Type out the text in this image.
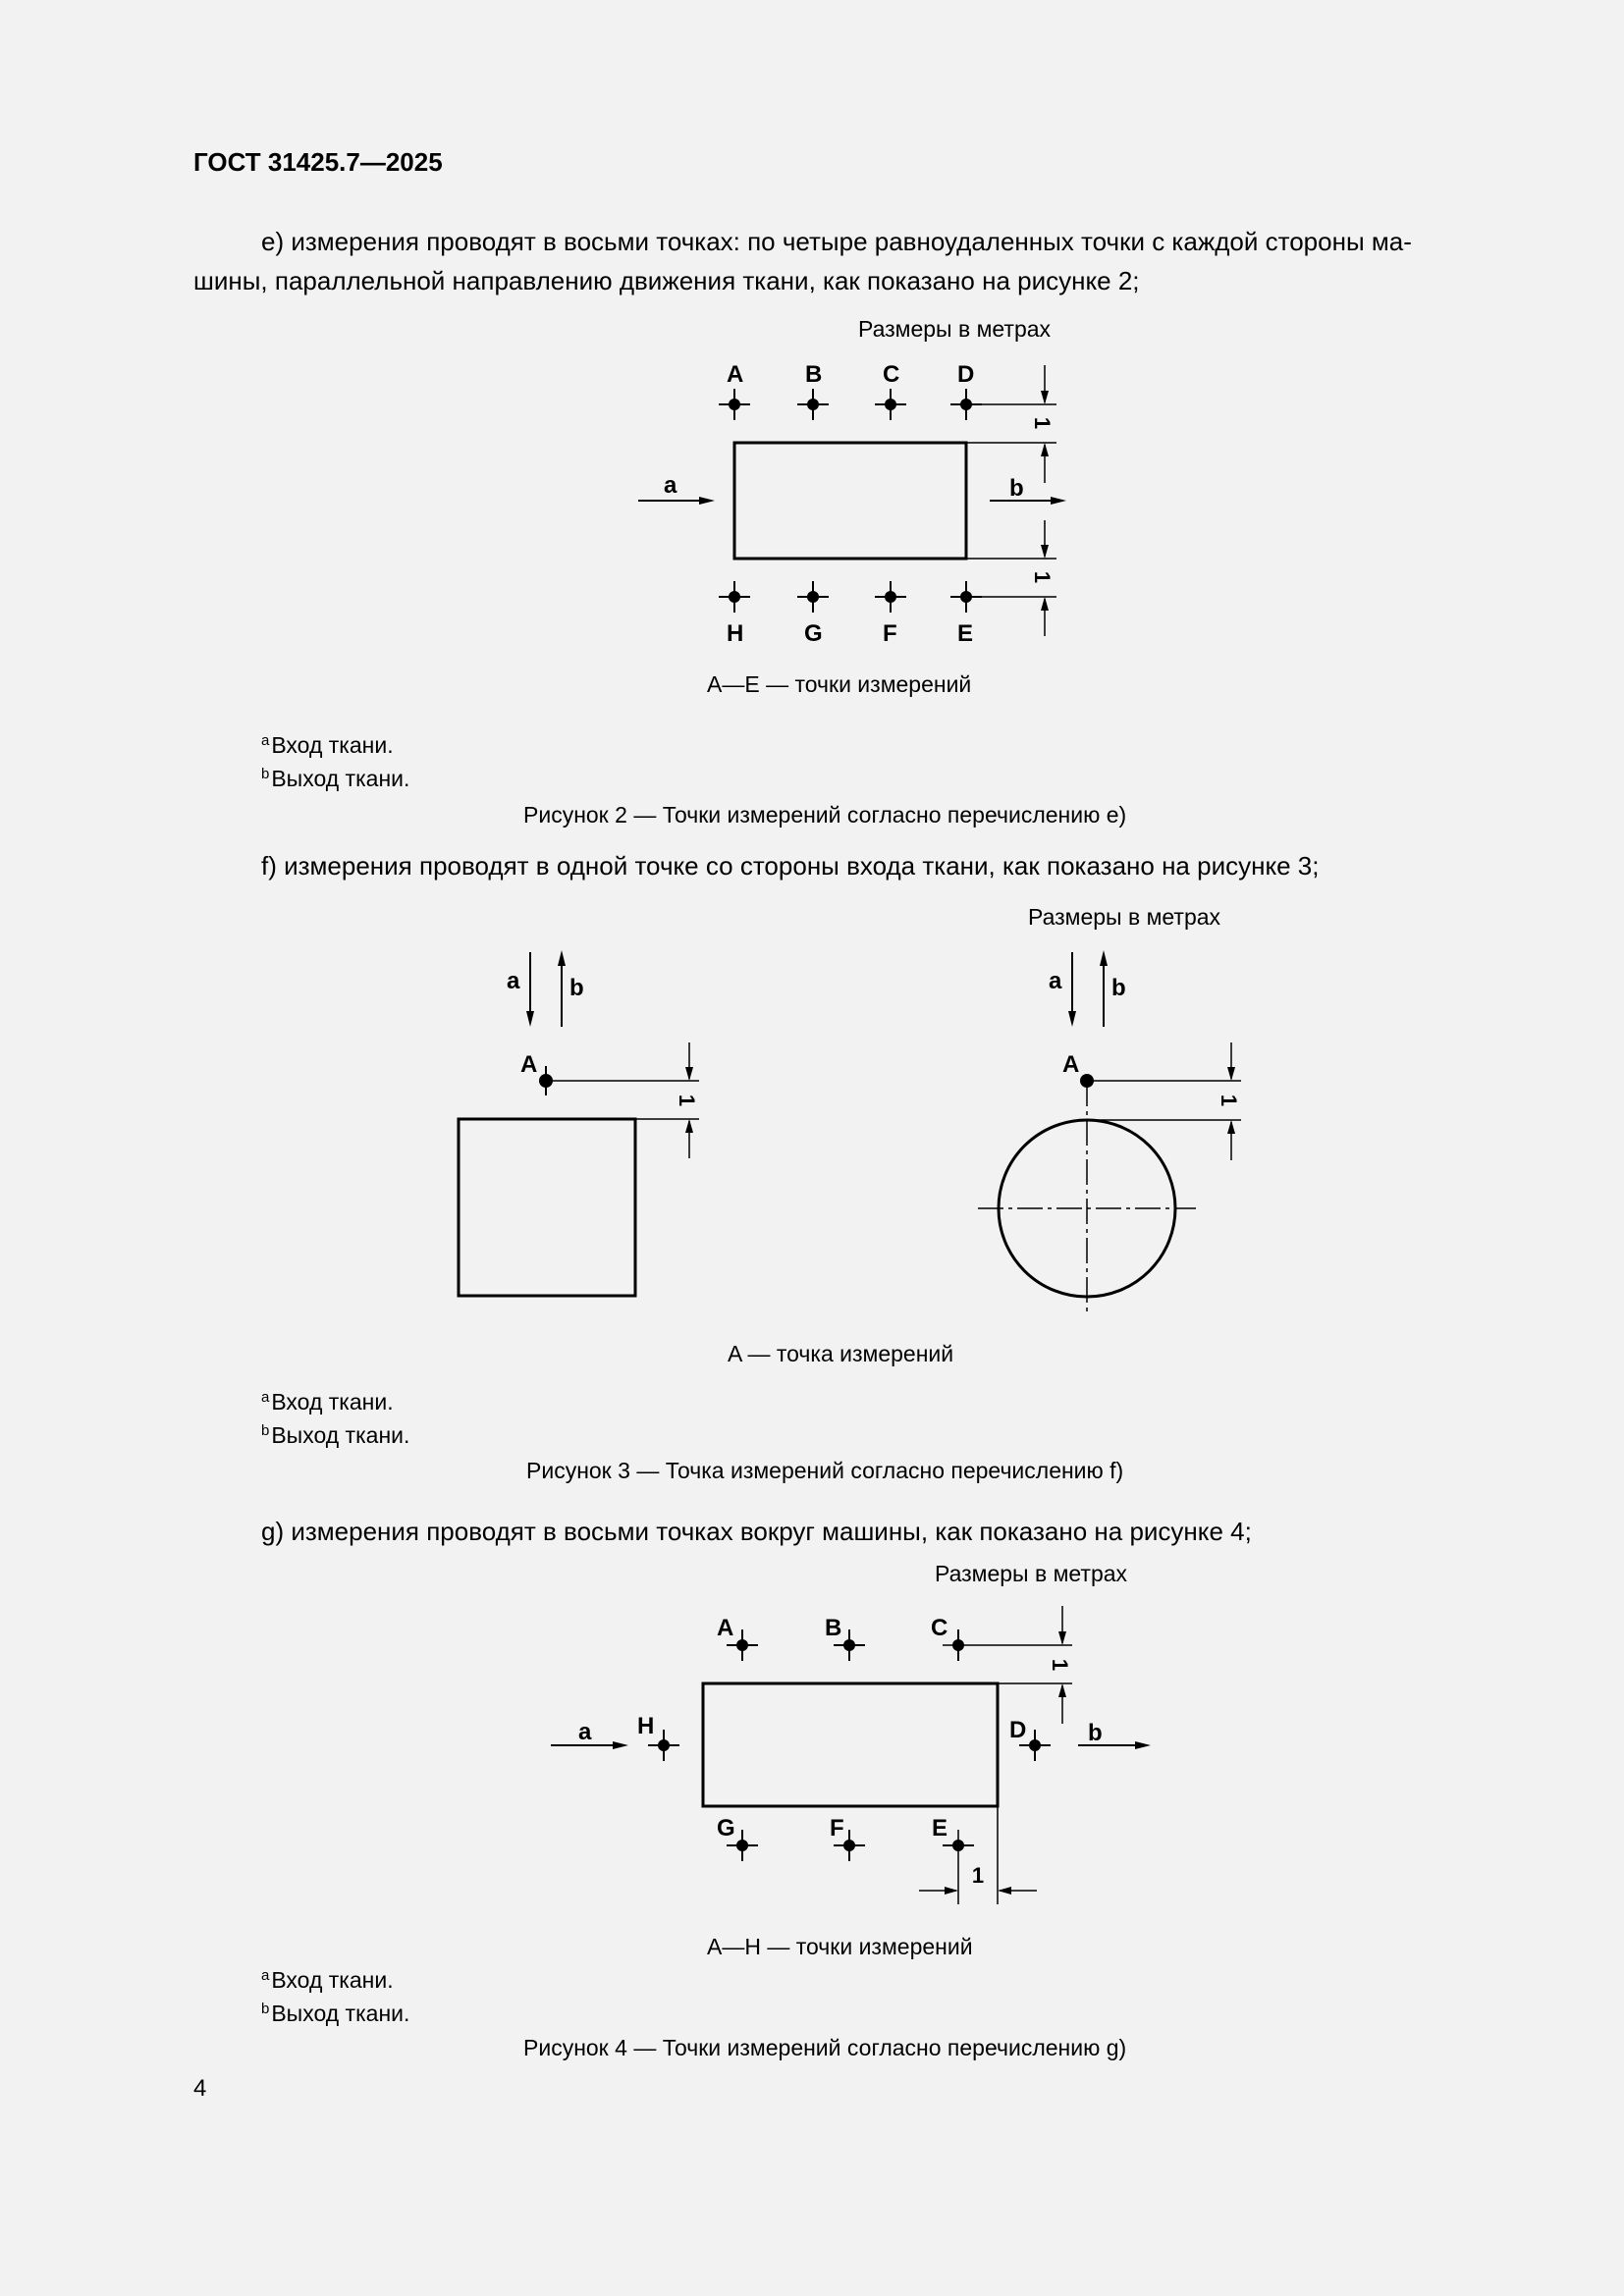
ГОСТ 31425.7—2025
e) измерения проводят в восьми точках: по четыре равноудаленных точки с каждой стороны ма-
шины, параллельной направлению движения ткани, как показано на рисунке 2;
Размеры в метрах
a	b
A	B	C D
H	G	F	E
1
1
A—E — точки измерений
$^a$Вход ткани.
$^b$Выход ткани.
Рисунок 2 — Точки измерений согласно перечислению e)
f) измерения проводят в одной точке со стороны входа ткани, как показано на рисунке 3;
Размеры в метрах
a b
A
1
a b
A
1
A — точка измерений
$^a$Вход ткани.
$^b$Выход ткани.
Рисунок 3 — Точка измерений согласно перечислению f)
g) измерения проводят в восьми точках вокруг машины, как показано на рисунке 4;
Размеры в метрах
a	b
A	B	C
H	D
G	F	E
1
1
A—H — точки измерений
$^a$Вход ткани.
$^b$Выход ткани.
Рисунок 4 — Точки измерений согласно перечислению g)
4
